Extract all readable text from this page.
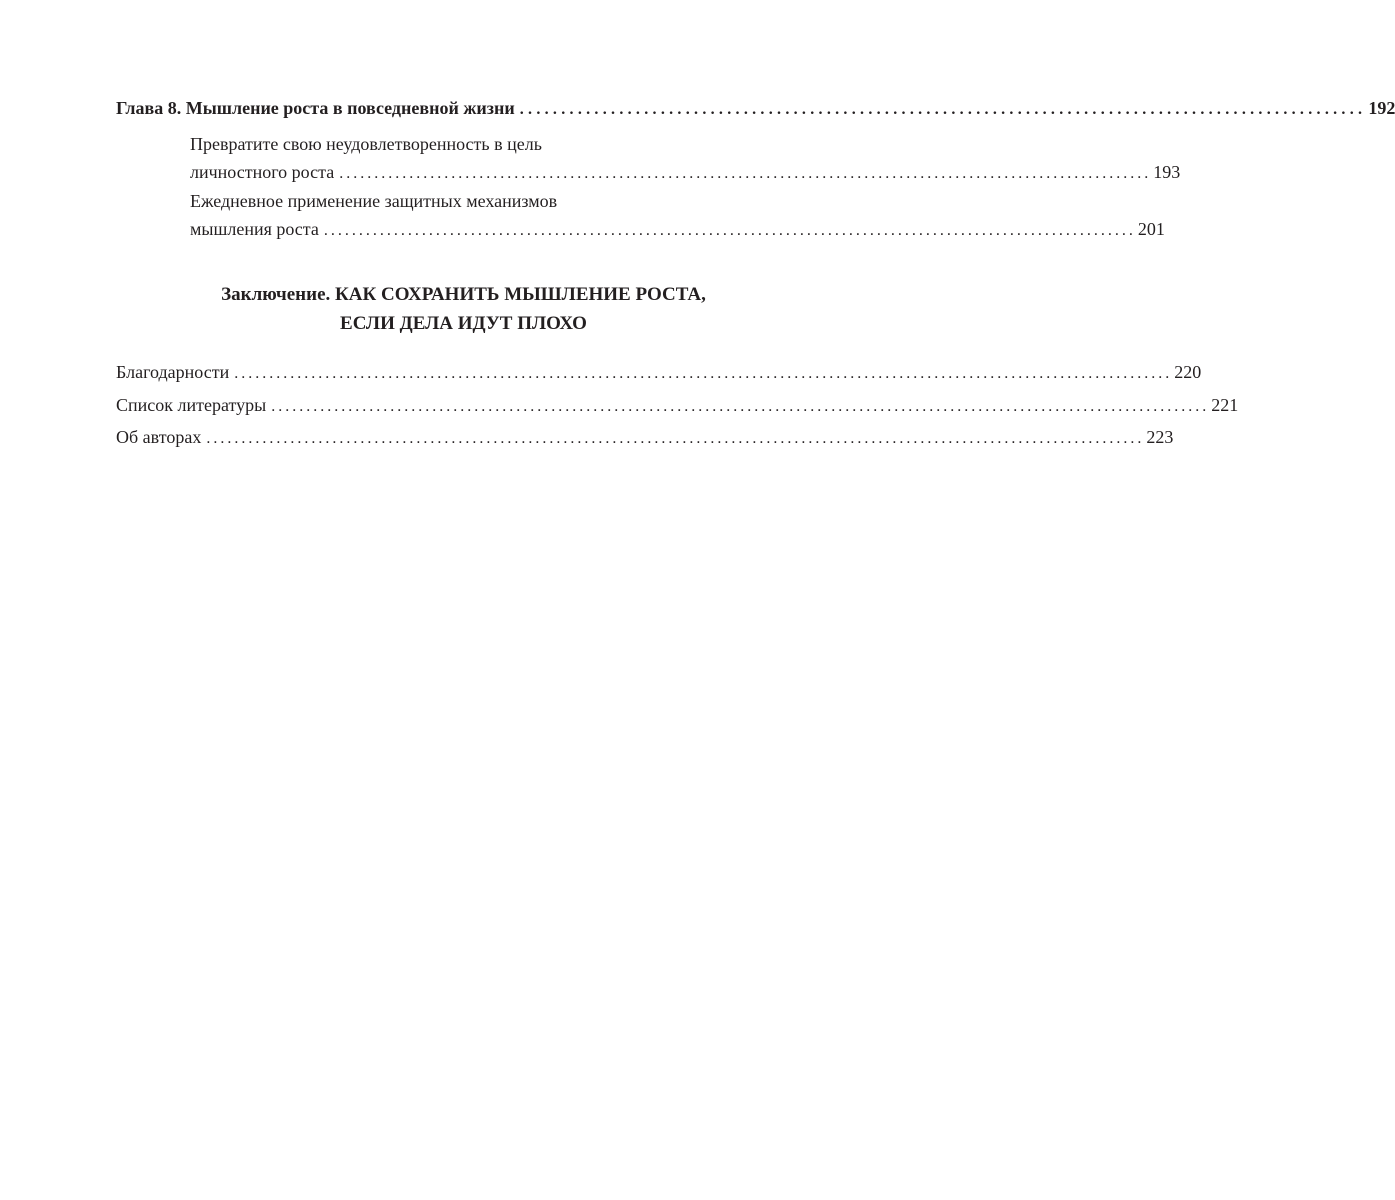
Глава 8. Мышление роста в повседневной жизни ...................................................................................................... 192
Превратите свою неудовлетворенность в цель
личностного роста .................................................................................................................... 193
Ежедневное применение защитных механизмов
мышления роста .................................................................................................................... 201
Заключение. КАК СОХРАНИТЬ МЫШЛЕНИЕ РОСТА,
ЕСЛИ ДЕЛА ИДУТ ПЛОХО
Благодарности ...................................................................................................................................... 220
Список литературы ...................................................................................................................................... 221
Об авторах ...................................................................................................................................... 223
